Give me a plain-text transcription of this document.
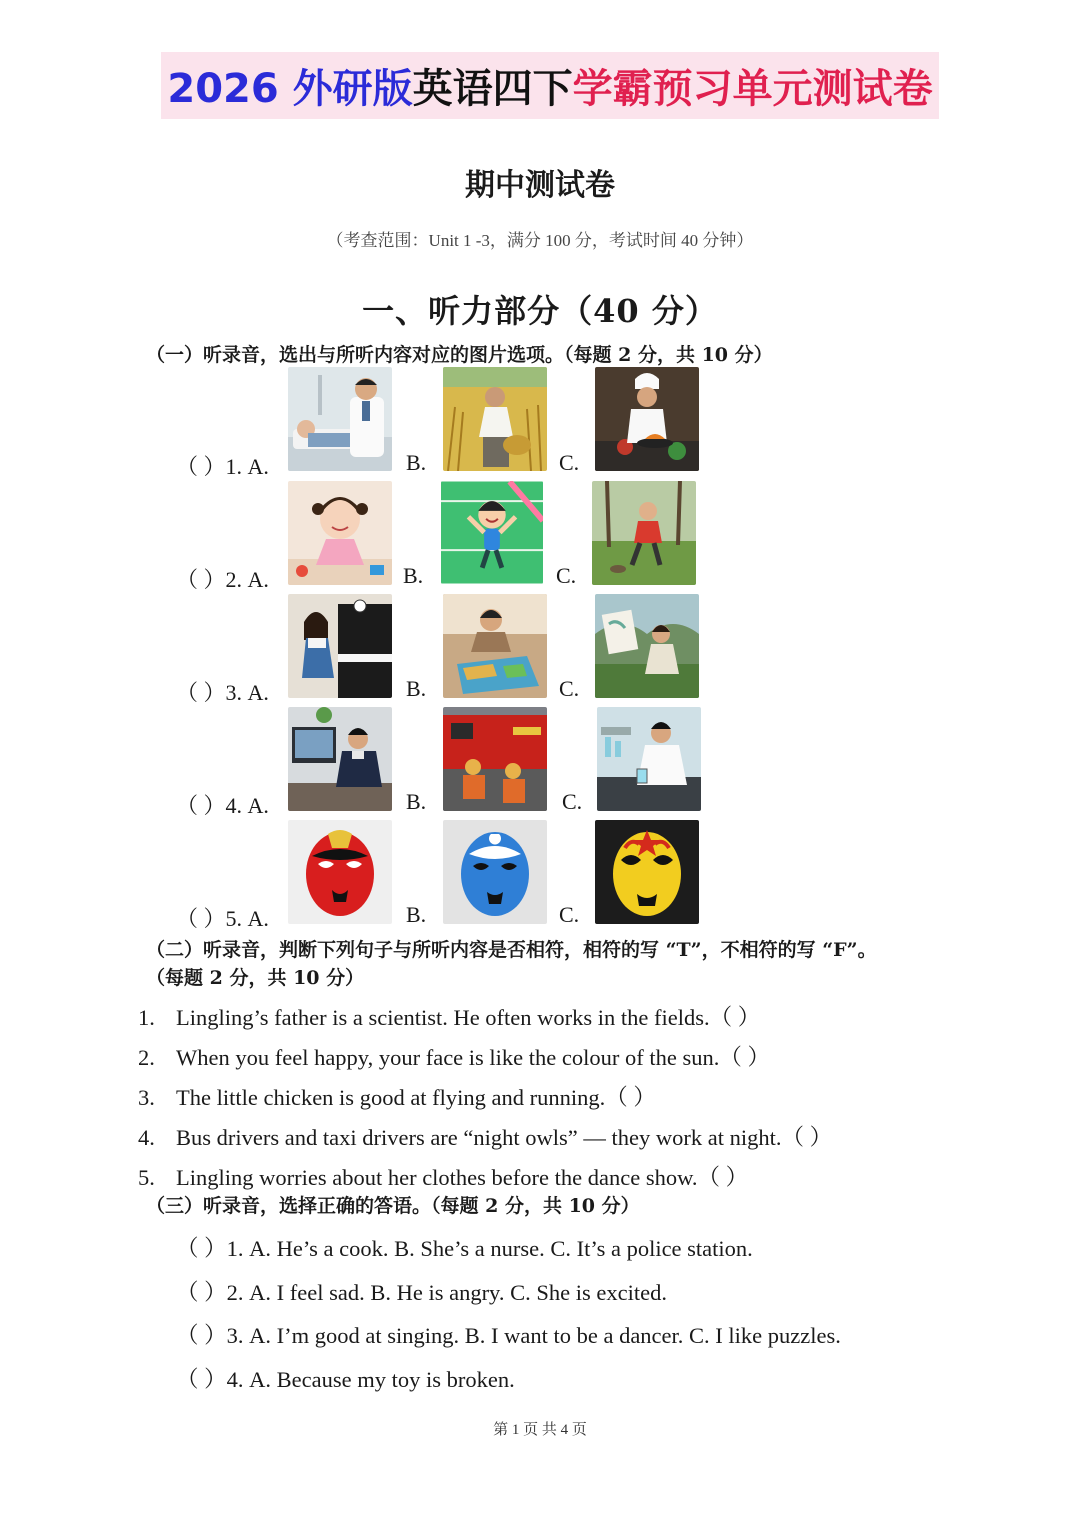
2026 外研版 英语四下 学霸预习单元测试卷
期中测试卷
（考查范围：Unit 1 -3，满分 100 分，考试时间 40 分钟）
一、听力部分（40 分）
（一）听录音，选出与所听内容对应的图片选项。（每题 2 分，共 10 分）
（ ）1. A.	B.	C.
（ ）2. A.	B.	C.
（ ）3. A.	B.	C.
（ ）4. A.	B.	C.
（ ）5. A.	B.	C.
（二）听录音，判断下列句子与所听内容是否相符，相符的写 “T”，不相符的写 “F”。
（每题 2 分，共 10 分）
1. Lingling’s father is a scientist. He often works in the fields.（ ）
2. When you feel happy, your face is like the colour of the sun.（ ）
3. The little chicken is good at flying and running.（ ）
4. Bus drivers and taxi drivers are “night owls” — they work at night.（ ）
5. Lingling worries about her clothes before the dance show.（ ）
（三）听录音，选择正确的答语。（每题 2 分，共 10 分）
（ ）1. A. He’s a cook. B. She’s a nurse. C. It’s a police station.
（ ）2. A. I feel sad. B. He is angry. C. She is excited.
（ ）3. A. I’m good at singing. B. I want to be a dancer. C. I like puzzles.
（ ）4. A. Because my toy is broken.
第 1 页 共 4 页
